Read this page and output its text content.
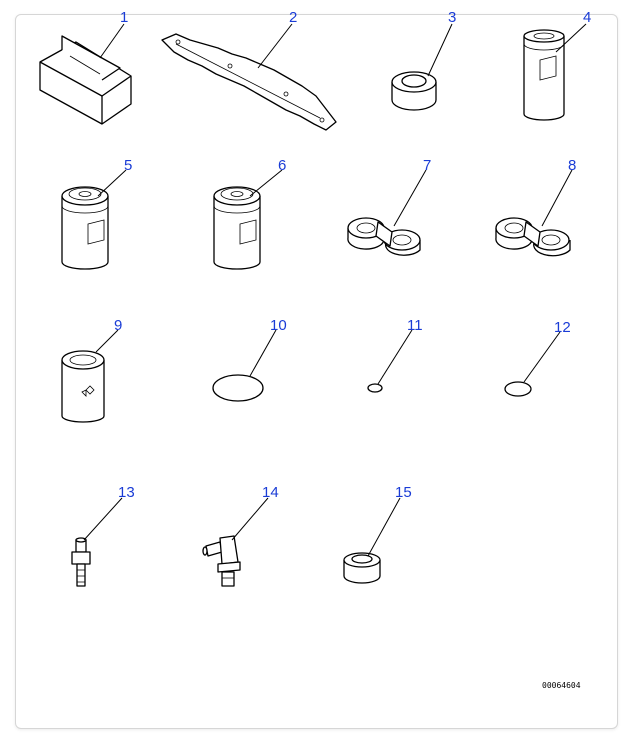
1	2	3	4
5	6	7	8
9	10	11	12
13	14	15
00064604
